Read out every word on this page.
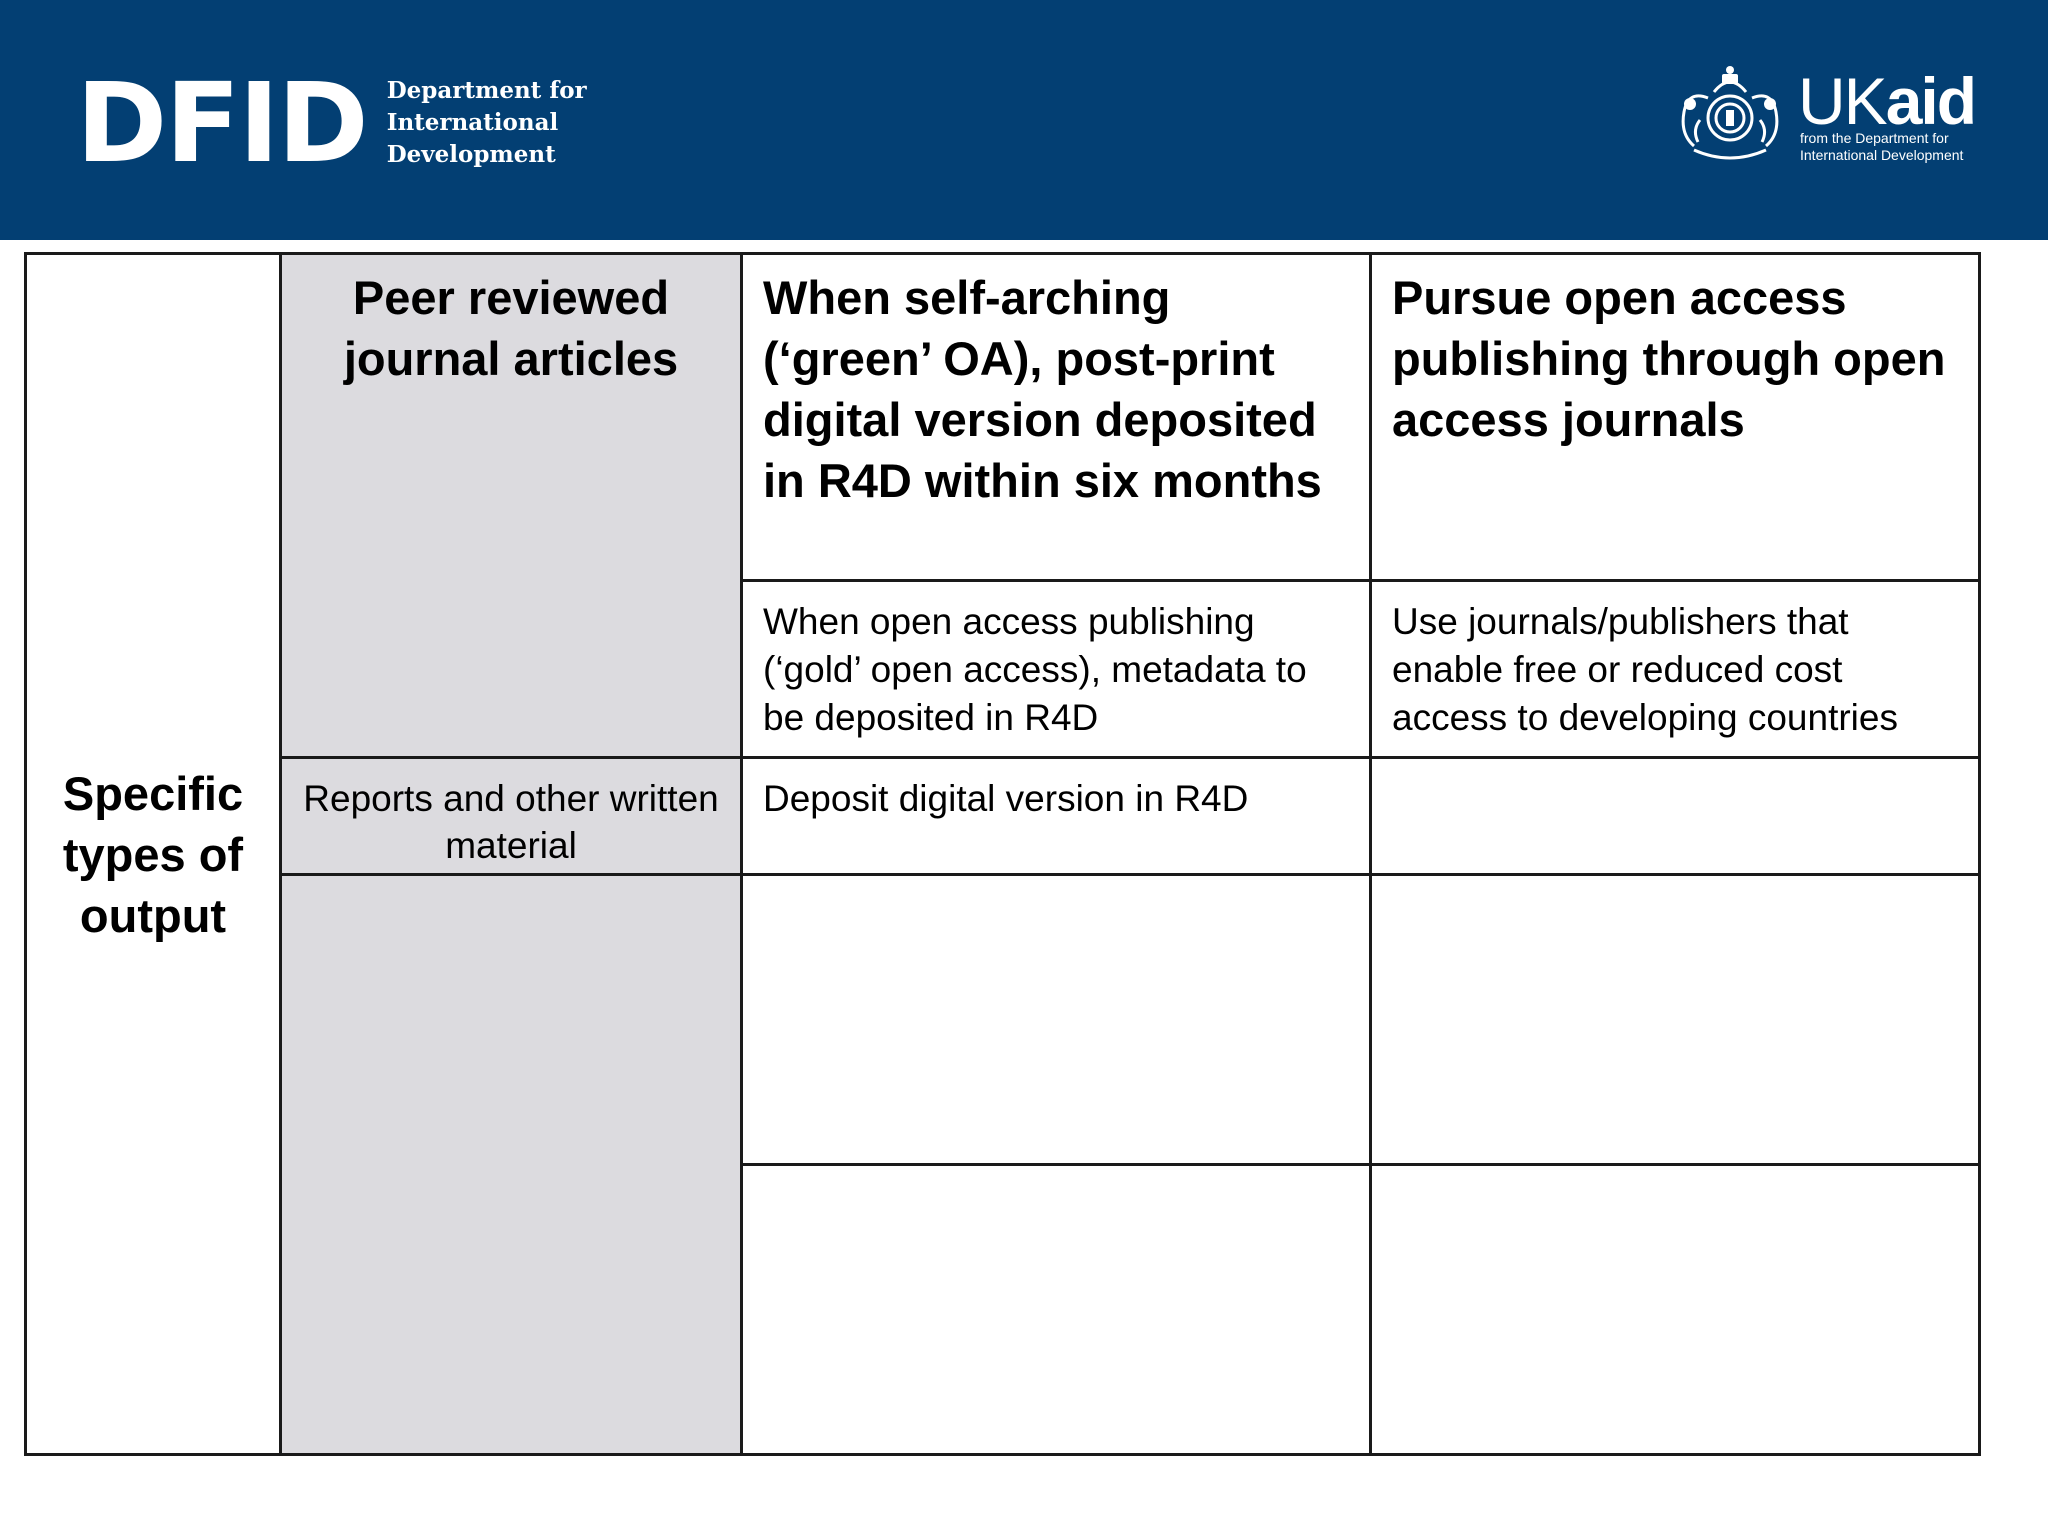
DFID Department for
International
Development
UKaid
from the Department for
International Development
Specific types of output	Peer reviewed journal articles	When self-arching (‘green’ OA), post-print digital version deposited in R4D within six months	Pursue open access publishing through open access journals
		When open access publishing (‘gold’ open access), metadata to be deposited in R4D	Use journals/publishers that enable free or reduced cost access to developing countries
	Reports and other written material	Deposit digital version in R4D	
